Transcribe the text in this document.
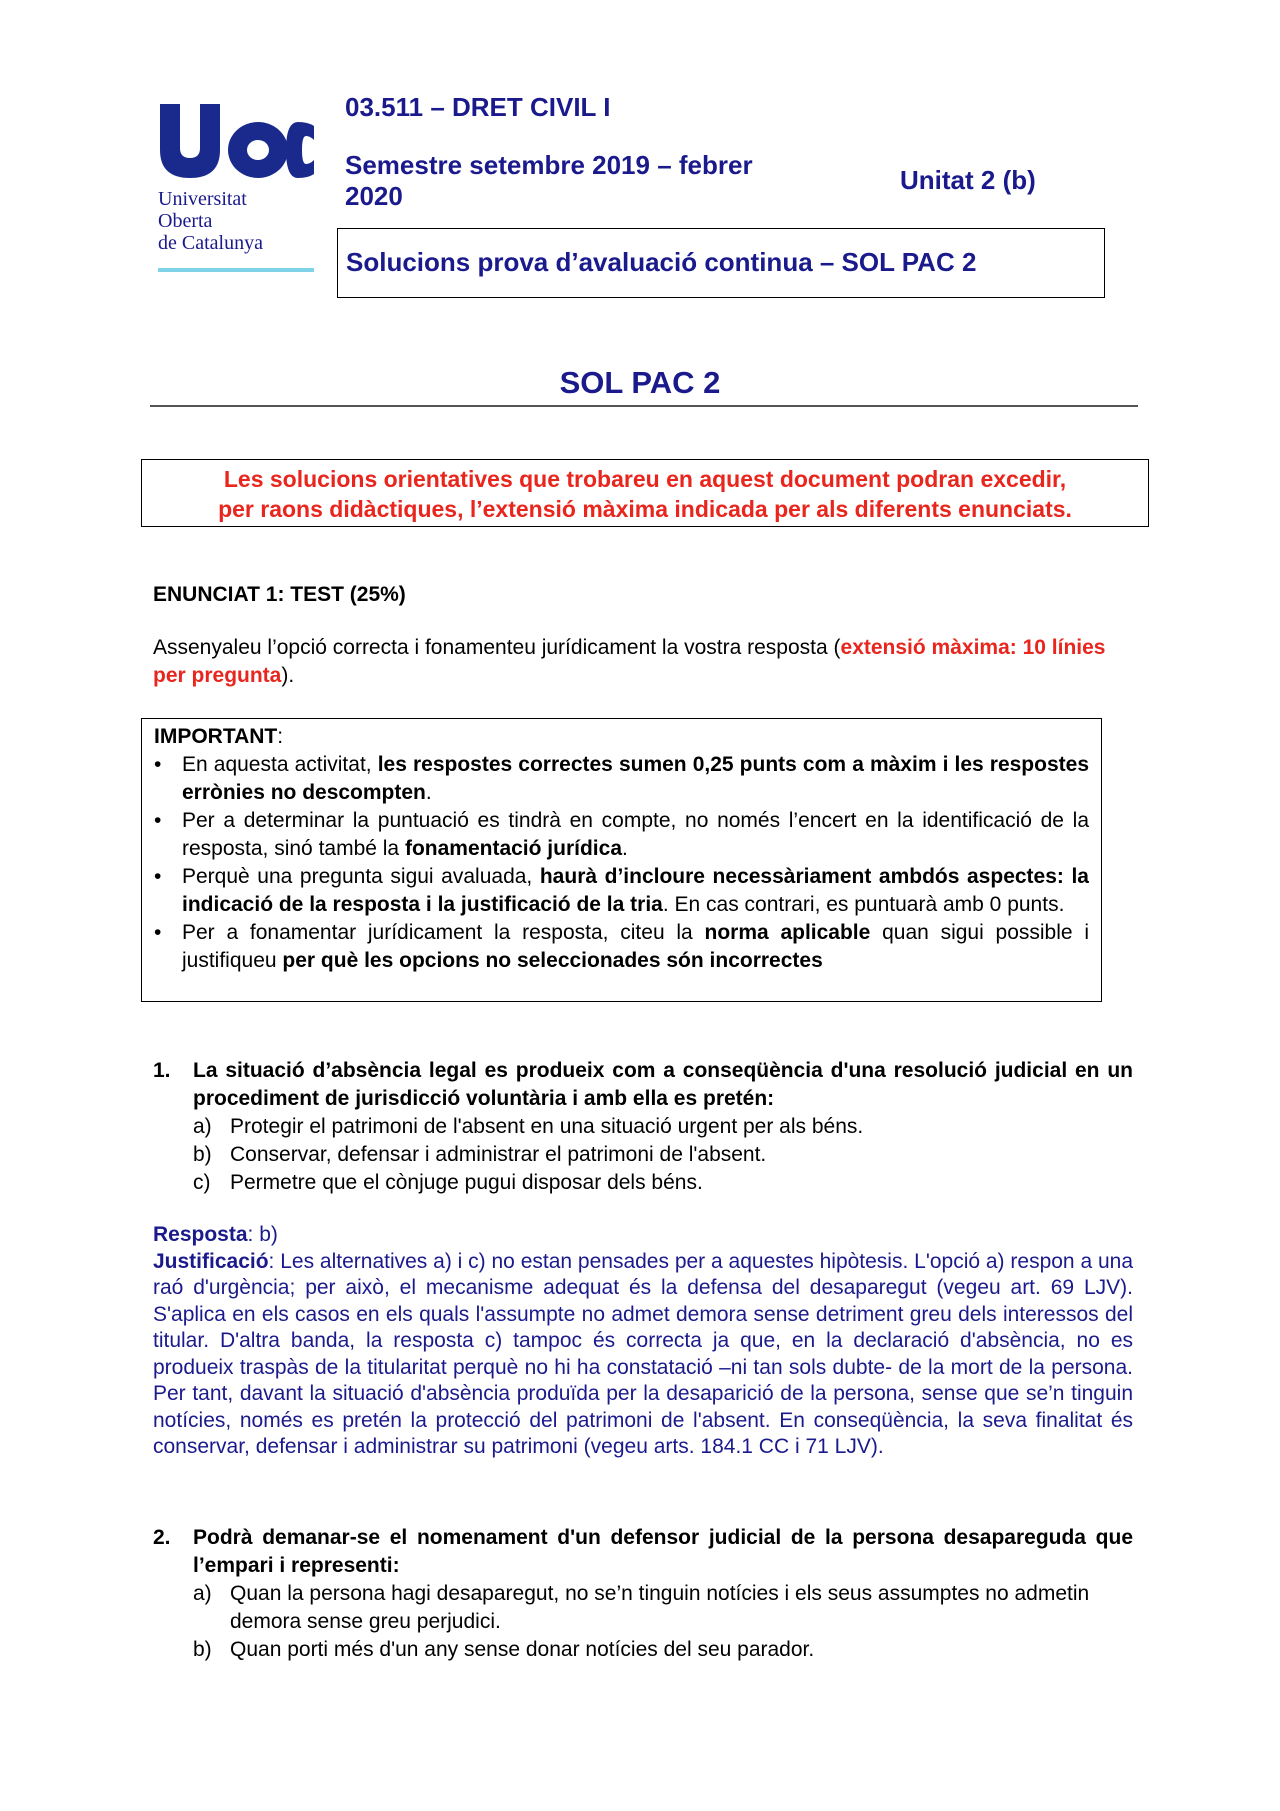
Universitat
Oberta
de Catalunya
03.511 – DRET CIVIL I
Semestre setembre 2019 – febrer 2020
Unitat 2 (b)
Solucions prova d’avaluació continua – SOL PAC 2
SOL PAC 2
Les solucions orientatives que trobareu en aquest document podran excedir,
per raons didàctiques, l’extensió màxima indicada per als diferents enunciats.
ENUNCIAT 1: TEST (25%)
Assenyaleu l’opció correcta i fonamenteu jurídicament la vostra resposta (extensió màxima: 10 línies per pregunta).
IMPORTANT:
• En aquesta activitat, les respostes correctes sumen 0,25 punts com a màxim i les respostes errònies no descompten.
• Per a determinar la puntuació es tindrà en compte, no només l’encert en la identificació de la resposta, sinó també la fonamentació jurídica.
• Perquè una pregunta sigui avaluada, haurà d’incloure necessàriament ambdós aspectes: la indicació de la resposta i la justificació de la tria. En cas contrari, es puntuarà amb 0 punts.
• Per a fonamentar jurídicament la resposta, citeu la norma aplicable quan sigui possible i justifiqueu per què les opcions no seleccionades són incorrectes
1. La situació d’absència legal es produeix com a conseqüència d'una resolució judicial en un procediment de jurisdicció voluntària i amb ella es pretén:
a) Protegir el patrimoni de l'absent en una situació urgent per als béns.
b) Conservar, defensar i administrar el patrimoni de l'absent.
c) Permetre que el cònjuge pugui disposar dels béns.
Resposta: b)
Justificació: Les alternatives a) i c) no estan pensades per a aquestes hipòtesis. L'opció a) respon a una raó d'urgència; per això, el mecanisme adequat és la defensa del desaparegut (vegeu art. 69 LJV). S'aplica en els casos en els quals l'assumpte no admet demora sense detriment greu dels interessos del titular. D'altra banda, la resposta c) tampoc és correcta ja que, en la declaració d'absència, no es produeix traspàs de la titularitat perquè no hi ha constatació –ni tan sols dubte- de la mort de la persona. Per tant, davant la situació d'absència produïda per la desaparició de la persona, sense que se’n tinguin notícies, només es pretén la protecció del patrimoni de l'absent. En conseqüència, la seva finalitat és conservar, defensar i administrar su patrimoni (vegeu arts. 184.1 CC i 71 LJV).
2. Podrà demanar-se el nomenament d'un defensor judicial de la persona desapareguda que l’empari i representi:
a) Quan la persona hagi desaparegut, no se’n tinguin notícies i els seus assumptes no admetin demora sense greu perjudici.
b) Quan porti més d'un any sense donar notícies del seu parador.
